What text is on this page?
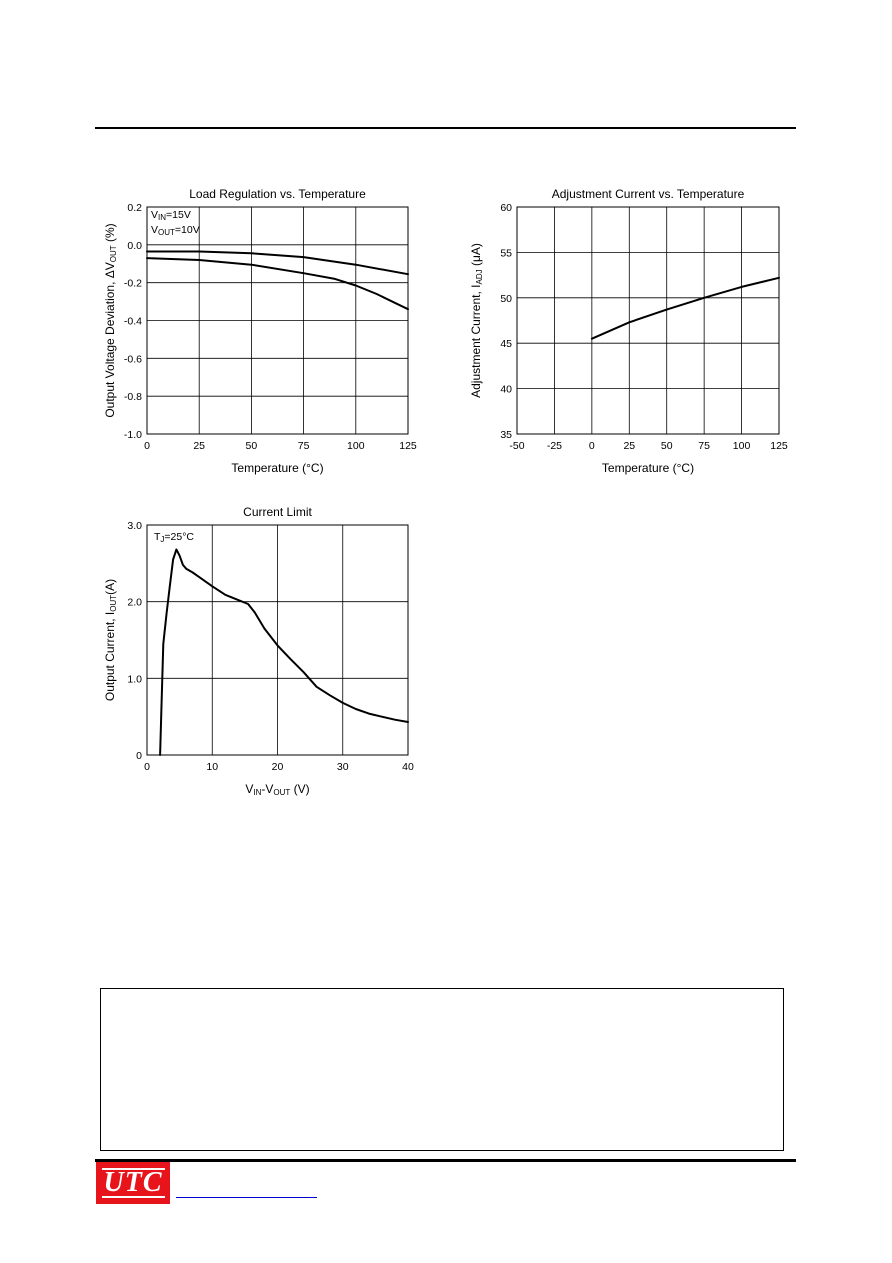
0	25	50	75	100	125
-1.0
-0.8
-0.6
-0.4
-0.2
0.0
0.2
Load Regulation vs. Temperature
Temperature (°C)
Output Voltage Deviation, ΔVOUT (%)
VIN=15V
VOUT=10V
-50 -25	0	25 50 75 100 125
35
40
45
50
55
60
Adjustment Current vs. Temperature
Temperature (°C)
Adjustment Current, IADJ (μA)
0	10	20	30	40
0
1.0
2.0
3.0
Current Limit
VIN-VOUT (V)
Output Current, IOUT(A)
TJ=25°C
UTC
